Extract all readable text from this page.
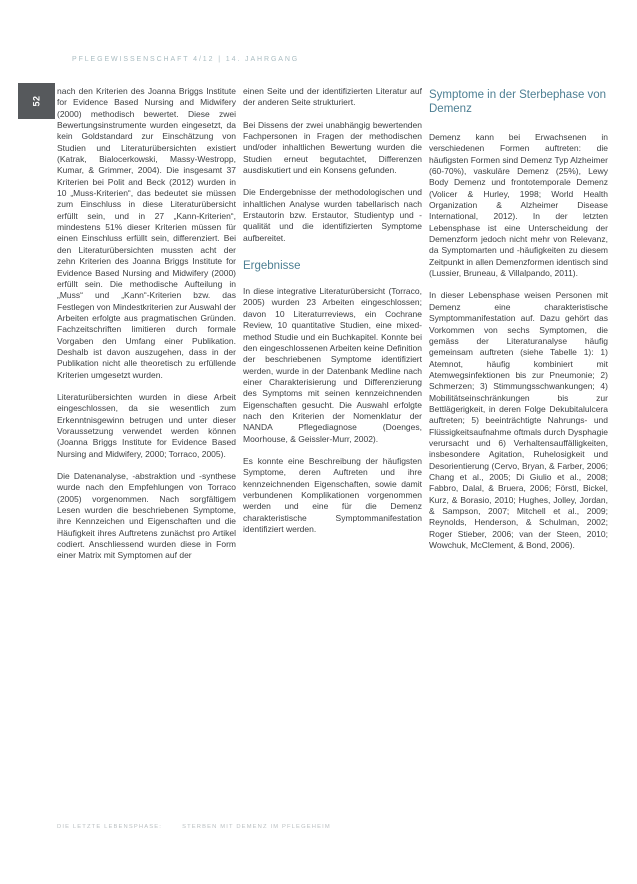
PFLEGEWISSENSCHAFT 4/12 | 14. JAHRGANG
52

nach den Kriterien des Joanna Briggs Institute for Evidence Based Nursing and Midwifery (2000) methodisch bewertet. Diese zwei Bewertungsinstrumente wurden eingesetzt, da kein Goldstandard zur Einschätzung von Studien und Literaturübersichten existiert (Katrak, Bialocerkowski, Massy-Westropp, Kumar, & Grimmer, 2004). Die insgesamt 37 Kriterien bei Polit and Beck (2012) wurden in 10 „Muss-Kriterien“, das bedeutet sie müssen zum Einschluss in diese Literaturübersicht erfüllt sein, und in 27 „Kann-Kriterien“, mindestens 51% dieser Kriterien müssen für einen Einschluss erfüllt sein, differenziert. Bei den Literaturübersichten mussten acht der zehn Kriterien des Joanna Briggs Institute for Evidence Based Nursing and Midwifery (2000) erfüllt sein. Die methodische Aufteilung in „Muss“ und „Kann“-Kriterien bzw. das Festlegen von Mindestkriterien zur Auswahl der Arbeiten erfolgte aus pragmatischen Gründen. Fachzeitschriften limitieren durch formale Vorgaben den Umfang einer Publikation. Deshalb ist davon auszugehen, dass in der Publikation nicht alle theoretisch zu erfüllende Kriterien umgesetzt wurden.

Literaturübersichten wurden in diese Arbeit eingeschlossen, da sie wesentlich zum Erkenntnisgewinn betrugen und unter dieser Voraussetzung verwendet werden können (Joanna Briggs Institute for Evidence Based Nursing and Midwifery, 2000; Torraco, 2005).

Die Datenanalyse, -abstraktion und -synthese wurde nach den Empfehlungen von Torraco (2005) vorgenommen. Nach sorgfältigem Lesen wurden die beschriebenen Symptome, ihre Kennzeichen und Eigenschaften und die Häufigkeit ihres Auftretens zunächst pro Artikel codiert. Anschliessend wurden diese in Form einer Matrix mit Symptomen auf der

einen Seite und der identifizierten Literatur auf der anderen Seite strukturiert.

Bei Dissens der zwei unabhängig bewertenden Fachpersonen in Fragen der methodischen und/oder inhaltlichen Bewertung wurden die Studien erneut begutachtet, Differenzen ausdiskutiert und ein Konsens gefunden.

Die Endergebnisse der methodologischen und inhaltlichen Analyse wurden tabellarisch nach Erstautorin bzw. Erstautor, Studientyp und -qualität und die identifizierten Symptome aufbereitet.

Ergebnisse

In diese integrative Literaturübersicht (Torraco, 2005) wurden 23 Arbeiten eingeschlossen; davon 10 Literaturreviews, ein Cochrane Review, 10 quantitative Studien, eine mixed-method Studie und ein Buchkapitel. Konnte bei den eingeschlossenen Arbeiten keine Definition der beschriebenen Symptome identifiziert werden, wurde in der Datenbank Medline nach einer Charakterisierung und Differenzierung des Symptoms mit seinen kennzeichnenden Eigenschaften gesucht. Die Auswahl erfolgte nach den Kriterien der Nomenklatur der NANDA Pflegediagnose (Doenges, Moorhouse, & Geissler-Murr, 2002).

Es konnte eine Beschreibung der häufigsten Symptome, deren Auftreten und ihre kennzeichnenden Eigenschaften, sowie damit verbundenen Komplikationen vorgenommen werden und eine für die Demenz charakteristische Symptommanifestation identifiziert werden.

Symptome in der Sterbephase von Demenz

Demenz kann bei Erwachsenen in verschiedenen Formen auftreten: die häufigsten Formen sind Demenz Typ Alzheimer (60-70%), vaskuläre Demenz (25%), Lewy Body Demenz und frontotemporale Demenz (Volicer & Hurley, 1998; World Health Organization & Alzheimer Disease International, 2012). In der letzten Lebensphase ist eine Unterscheidung der Demenzform jedoch nicht mehr von Relevanz, da Symptomarten und -häufigkeiten zu diesem Zeitpunkt in allen Demenzformen identisch sind (Lussier, Bruneau, & Villalpando, 2011).

In dieser Lebensphase weisen Personen mit Demenz eine charakteristische Symptommanifestation auf. Dazu gehört das Vorkommen von sechs Symptomen, die gemäss der Literaturanalyse häufig gemeinsam auftreten (siehe Tabelle 1): 1) Atemnot, häufig kombiniert mit Atemwegsinfektionen bis zur Pneumonie; 2) Schmerzen; 3) Stimmungsschwankungen; 4) Mobilitätseinschränkungen bis zur Bettlägerigkeit, in deren Folge Dekubitalulcera auftreten; 5) beeinträchtigte Nahrungs- und Flüssigkeitsaufnahme oftmals durch Dysphagie verursacht und 6) Verhaltensauffälligkeiten, insbesondere Agitation, Ruhelosigkeit und Desorientierung (Cervo, Bryan, & Farber, 2006; Chang et al., 2005; Di Giulio et al., 2008; Fabbro, Dalal, & Bruera, 2006; Förstl, Bickel, Kurz, & Borasio, 2010; Hughes, Jolley, Jordan, & Sampson, 2007; Mitchell et al., 2009; Reynolds, Henderson, & Schulman, 2002; Roger Stieber, 2006; van der Steen, 2010; Wowchuk, McClement, & Bond, 2006).

DIE LETZTE LEBENSPHASE:	STERBEN MIT DEMENZ IM PFLEGEHEIM
